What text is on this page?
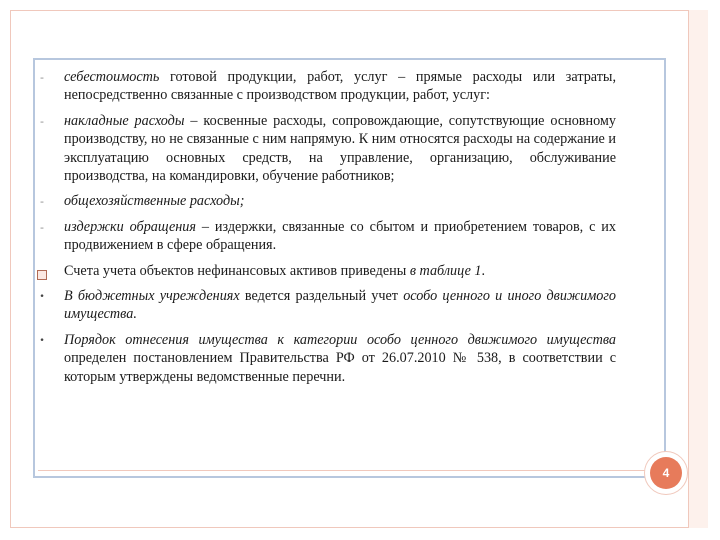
- себестоимость готовой продукции, работ, услуг – прямые расходы или затраты, непосредственно связанные с производством продукции, работ, услуг:
- накладные расходы – косвенные расходы, сопровождающие, сопутствующие основному производству, но не связанные с ним напрямую. К ним относятся расходы на содержание и эксплуатацию основных средств, на управление, организацию, обслуживание производства, на командировки, обучение работников;
- общехозяйственные расходы;
- издержки обращения – издержки, связанные со сбытом и приобретением товаров, с их продвижением в сфере обращения.
Счета учета объектов нефинансовых активов приведены в таблице 1.
• В бюджетных учреждениях ведется раздельный учет особо ценного и иного движимого имущества.
• Порядок отнесения имущества к категории особо ценного движимого имущества определен постановлением Правительства РФ от 26.07.2010 № 538, в соответствии с которым утверждены ведомственные перечни.
4
